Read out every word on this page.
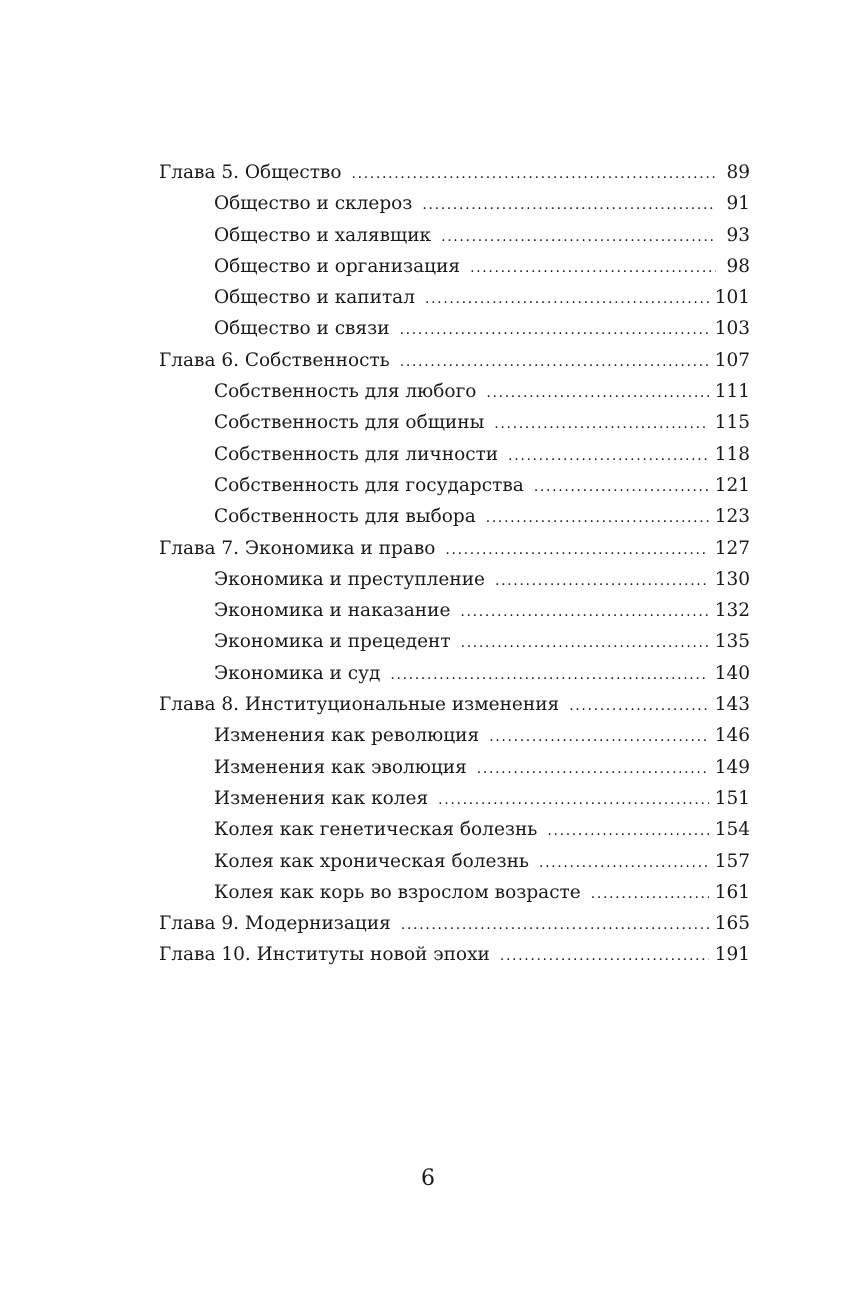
Глава 5. Общество . . .	89
Общество и склероз . . .	91
Общество и халявщик . . .	93
Общество и организация . . .	98
Общество и капитал . . .	101
Общество и связи . . .	103
Глава 6. Собственность . . .	107
Собственность для любого . . .	111
Собственность для общины . . .	115
Собственность для личности . . .	118
Собственность для государства . . .	121
Собственность для выбора . . .	123
Глава 7. Экономика и право . . .	127
Экономика и преступление . . .	130
Экономика и наказание . . .	132
Экономика и прецедент . . .	135
Экономика и суд . . .	140
Глава 8. Институциональные изменения . . .	143
Изменения как революция . . .	146
Изменения как эволюция . . .	149
Изменения как колея . . .	151
Колея как генетическая болезнь . . .	154
Колея как хроническая болезнь . . .	157
Колея как корь во взрослом возрасте . . .	161
Глава 9. Модернизация . . .	165
Глава 10. Институты новой эпохи . . .	191
6
